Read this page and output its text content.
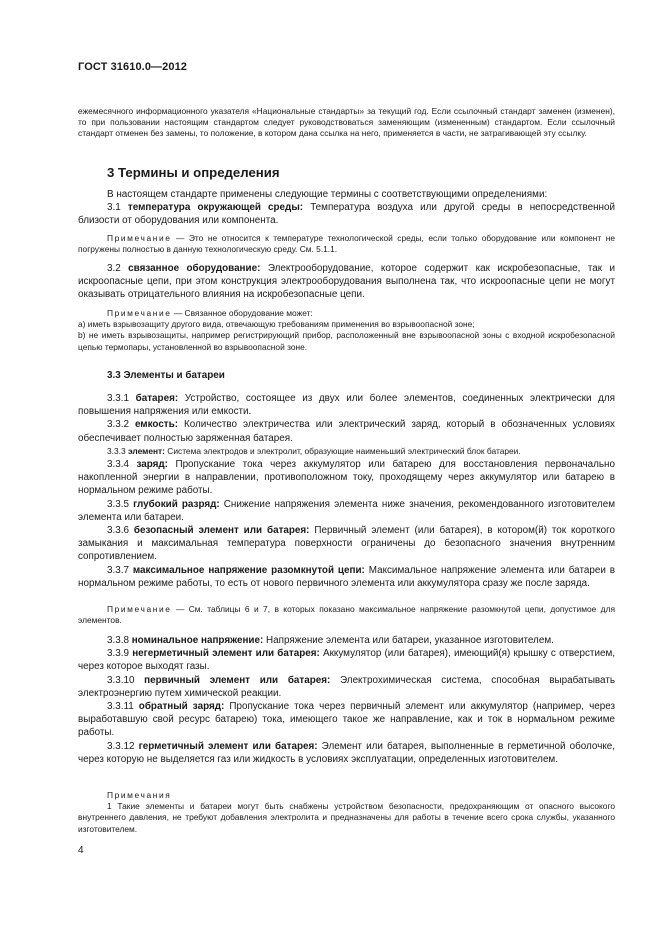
ГОСТ 31610.0—2012
ежемесячного информационного указателя «Национальные стандарты» за текущий год. Если ссылочный стандарт заменен (изменен), то при пользовании настоящим стандартом следует руководствоваться заменяющим (измененным) стандартом. Если ссылочный стандарт отменен без замены, то положение, в котором дана ссылка на него, применяется в части, не затрагивающей эту ссылку.
3 Термины и определения
В настоящем стандарте применены следующие термины с соответствующими определениями:
3.1 температура окружающей среды: Температура воздуха или другой среды в непосредственной близости от оборудования или компонента.
Примечание — Это не относится к температуре технологической среды, если только оборудование или компонент не погружены полностью в данную технологическую среду. См. 5.1.1.
3.2 связанное оборудование: Электрооборудование, которое содержит как искробезопасные, так и искроопасные цепи, при этом конструкция электрооборудования выполнена так, что искроопасные цепи не могут оказывать отрицательного влияния на искробезопасные цепи.
Примечание — Связанное оборудование может:
а) иметь взрывозащиту другого вида, отвечающую требованиям применения во взрывоопасной зоне;
b) не иметь взрывозащиты, например регистрирующий прибор, расположенный вне взрывоопасной зоны с входной искробезопасной цепью термопары, установленной во взрывоопасной зоне.
3.3 Элементы и батареи
3.3.1 батарея: Устройство, состоящее из двух или более элементов, соединенных электрически для повышения напряжения или емкости.
3.3.2 емкость: Количество электричества или электрический заряд, который в обозначенных условиях обеспечивает полностью заряженная батарея.
3.3.3 элемент: Система электродов и электролит, образующие наименьший электрический блок батареи.
3.3.4 заряд: Пропускание тока через аккумулятор или батарею для восстановления первоначально накопленной энергии в направлении, противоположном току, проходящему через аккумулятор или батарею в нормальном режиме работы.
3.3.5 глубокий разряд: Снижение напряжения элемента ниже значения, рекомендованного изготовителем элемента или батареи.
3.3.6 безопасный элемент или батарея: Первичный элемент (или батарея), в котором(й) ток короткого замыкания и максимальная температура поверхности ограничены до безопасного значения внутренним сопротивлением.
3.3.7 максимальное напряжение разомкнутой цепи: Максимальное напряжение элемента или батареи в нормальном режиме работы, то есть от нового первичного элемента или аккумулятора сразу же после заряда.
Примечание — См. таблицы 6 и 7, в которых показано максимальное напряжение разомкнутой цепи, допустимое для элементов.
3.3.8 номинальное напряжение: Напряжение элемента или батареи, указанное изготовителем.
3.3.9 негерметичный элемент или батарея: Аккумулятор (или батарея), имеющий(я) крышку с отверстием, через которое выходят газы.
3.3.10 первичный элемент или батарея: Электрохимическая система, способная вырабатывать электроэнергию путем химической реакции.
3.3.11 обратный заряд: Пропускание тока через первичный элемент или аккумулятор (например, через выработавшую свой ресурс батарею) тока, имеющего такое же направление, как и ток в нормальном режиме работы.
3.3.12 герметичный элемент или батарея: Элемент или батарея, выполненные в герметичной оболочке, через которую не выделяется газ или жидкость в условиях эксплуатации, определенных изготовителем.
Примечания
1 Такие элементы и батареи могут быть снабжены устройством безопасности, предохраняющим от опасного высокого внутреннего давления, не требуют добавления электролита и предназначены для работы в течение всего срока службы, указанного изготовителем.
4
